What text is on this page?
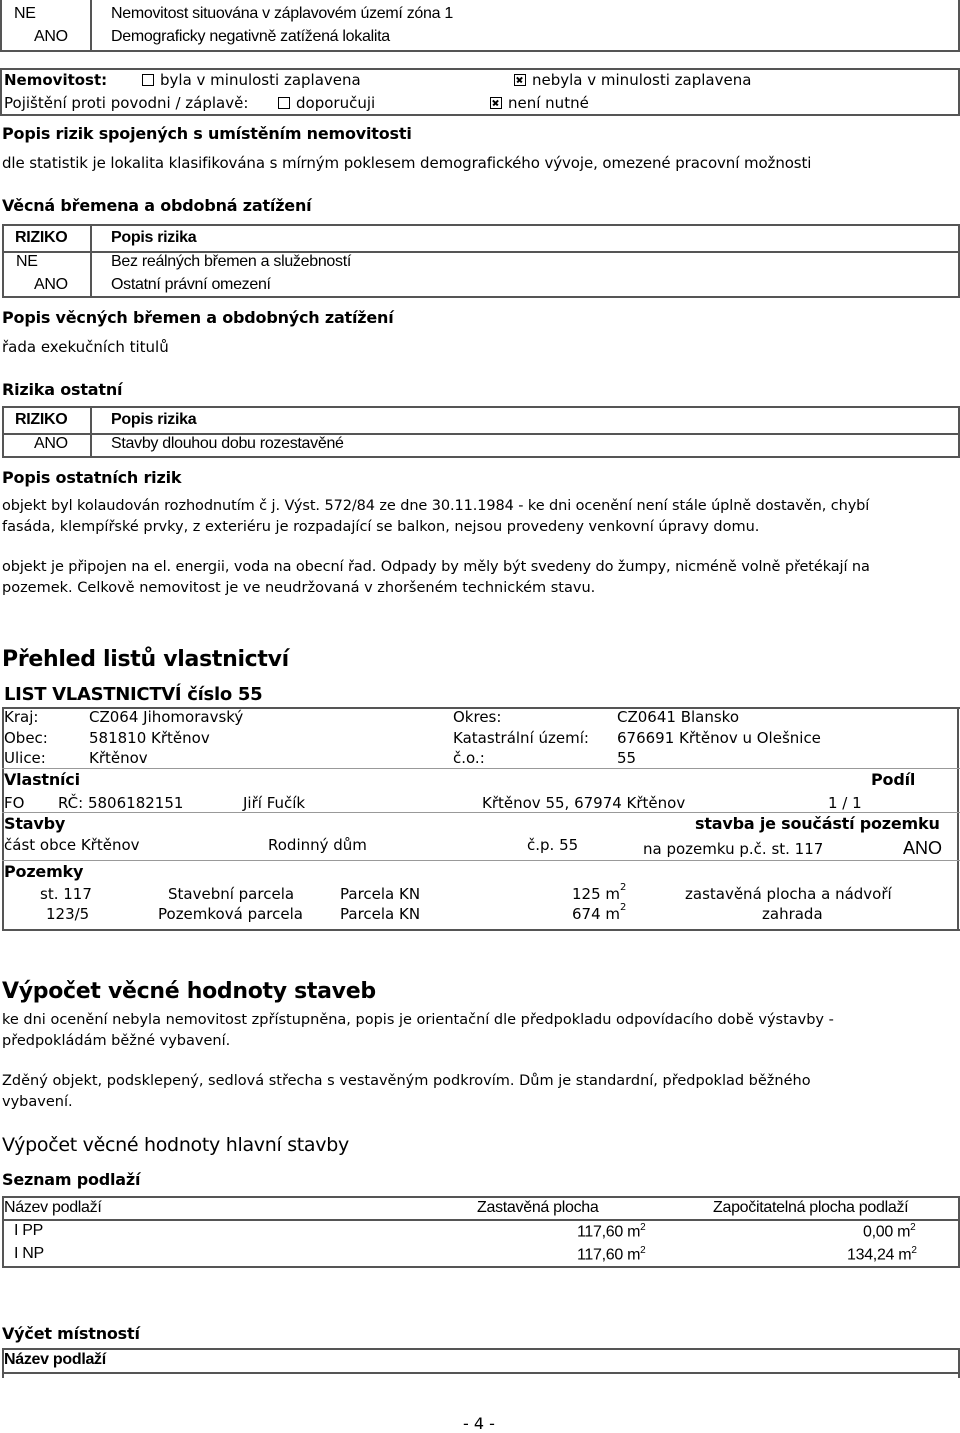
NE	Nemovitost situována v záplavovém území zóna 1
ANO	Demograficky negativně zatížená lokalita
Nemovitost:	byla v minulosti zaplavena	nebyla v minulosti zaplavena
Pojištění proti povodni / záplavě:	doporučuji	není nutné
Popis rizik spojených s umístěním nemovitosti
dle statistik je lokalita klasifikována s mírným poklesem demografického vývoje, omezené pracovní možnosti
Věcná břemena a obdobná zatížení
RIZIKO	Popis rizika
NE	Bez reálných břemen a služebností
ANO	Ostatní právní omezení
Popis věcných břemen a obdobných zatížení
řada exekučních titulů
Rizika ostatní
RIZIKO	Popis rizika
ANO	Stavby dlouhou dobu rozestavěné
Popis ostatních rizik
objekt byl kolaudován rozhodnutím č j. Výst. 572/84 ze dne 30.11.1984 - ke dni ocenění není stále úplně dostavěn, chybí
fasáda, klempířské prvky, z exteriéru je rozpadající se balkon, nejsou provedeny venkovní úpravy domu.
objekt je připojen na el. energii, voda na obecní řad. Odpady by měly být svedeny do žumpy, nicméně volně přetékají na
pozemek. Celkově nemovitost je ve neudržovaná v zhoršeném technickém stavu.
Přehled listů vlastnictví
LIST VLASTNICTVÍ číslo 55
Kraj:	CZ064 Jihomoravský	Okres:	CZ0641 Blansko
Obec:	581810 Křtěnov	Katastrální území: 676691 Křtěnov u Olešnice
Ulice:	Křtěnov	č.o.:	55
Vlastníci	Podíl
FO RČ: 5806182151	Jiří Fučík	Křtěnov 55, 67974 Křtěnov	1 / 1
Stavby	stavba je součástí pozemku
část obce Křtěnov	Rodinný dům	č.p. 55	na pozemku p.č. st. 117	ANO
Pozemky
st. 117	Stavební parcela	Parcela KN	125 $m^2$	zastavěná plocha a nádvoří
123/5	Pozemková parcela Parcela KN	674 $m^2$	zahrada
Výpočet věcné hodnoty staveb
ke dni ocenění nebyla nemovitost zpřístupněna, popis je orientační dle předpokladu odpovídacího době výstavby -
předpokládám běžné vybavení.
Zděný objekt, podsklepený, sedlová střecha s vestavěným podkrovím. Dům je standardní, předpoklad běžného
vybavení.
Výpočet věcné hodnoty hlavní stavby
Seznam podlaží
Název podlaží	Zastavěná plocha	Započitatelná plocha podlaží
I PP	117,60 $m^2$	0,00 $m^2$
I NP	117,60 $m^2$	134,24 $m^2$
Výčet místností
Název podlaží
- 4 -
